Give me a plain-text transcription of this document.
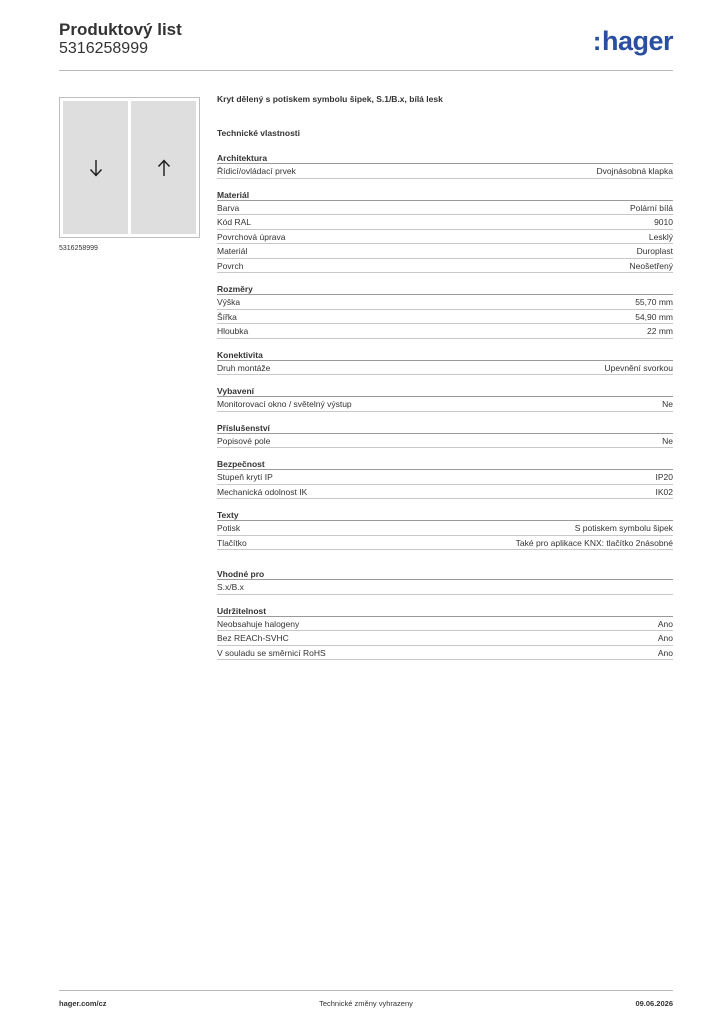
Produktový list
5316258999	:hager
5316258999
Kryt dělený s potiskem symbolu šipek, S.1/B.x, bílá lesk
Technické vlastnosti
Architektura
Řídicí/ovládací prvek	Dvojnásobná klapka
Materiál
Barva	Polární bílá
Kód RAL	9010
Povrchová úprava	Lesklý
Materiál	Duroplast
Povrch	Neošetřený
Rozměry
Výška	55,70 mm
Šířka	54,90 mm
Hloubka	22 mm
Konektivita
Druh montáže	Upevnění svorkou
Vybavení
Monitorovací okno / světelný výstup	Ne
Příslušenství
Popisové pole	Ne
Bezpečnost
Stupeň krytí IP	IP20
Mechanická odolnost IK	IK02
Texty
Potisk	S potiskem symbolu šipek
Tlačítko	Také pro aplikace KNX: tlačítko 2násobné
Vhodné pro
S.x/B.x
Udržitelnost
Neobsahuje halogeny	Ano
Bez REACh-SVHC	Ano
V souladu se směrnicí RoHS	Ano
hager.com/cz	Technické změny vyhrazeny	09.06.2026
